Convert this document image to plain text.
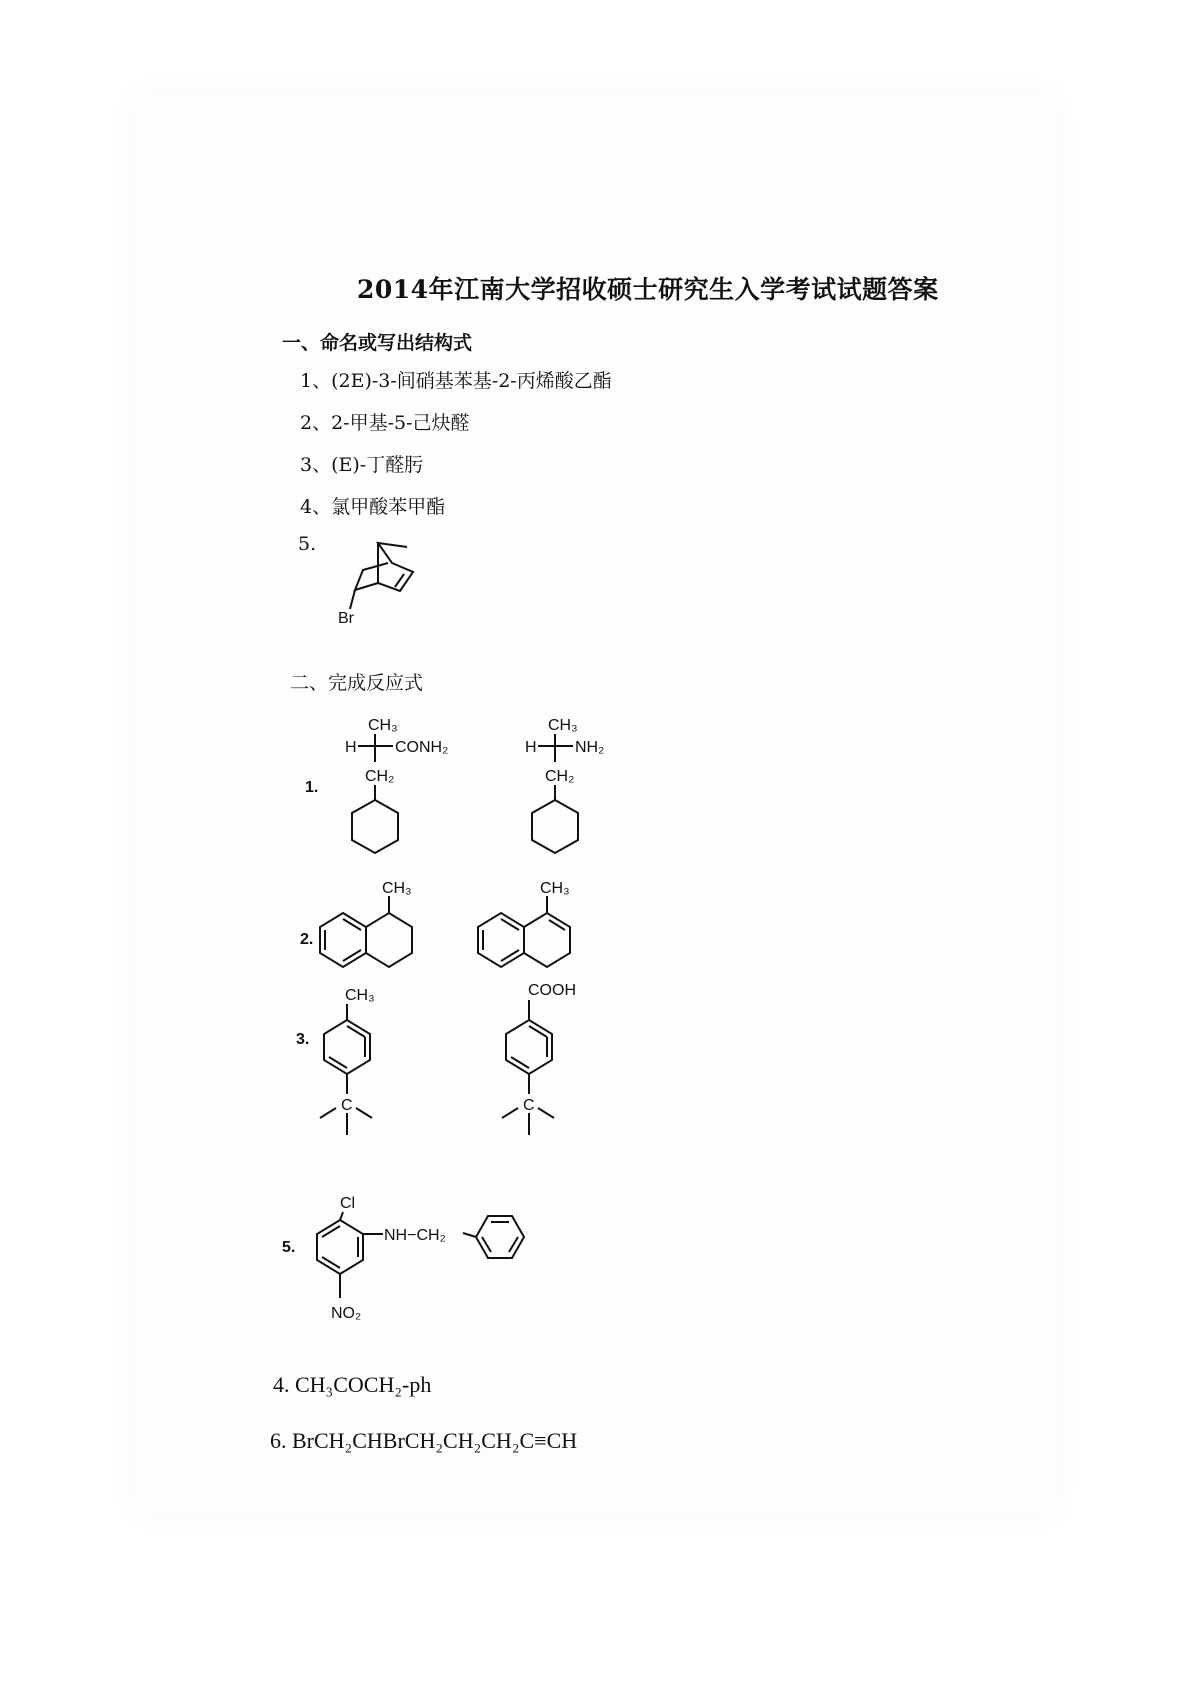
2014年江南大学招收硕士研究生入学考试试题答案
一、命名或写出结构式
1、(2E)-3-间硝基苯基-2-丙烯酸乙酯
2、2-甲基-5-己炔醛
3、(E)-丁醛肟
4、氯甲酸苯甲酯
5.
二、完成反应式
4. CH₃COCH₂-ph
6. BrCH₂CHBrCH₂CH₂CH₂C≡CH
Br
1.
CH₃
H CONH₂
CH₂
CH₃
H NH₂
CH₂
2.
CH₃	CH₃
3.
CH₃
C
COOH
C
5.
Cl
NH−CH₂
NO₂
